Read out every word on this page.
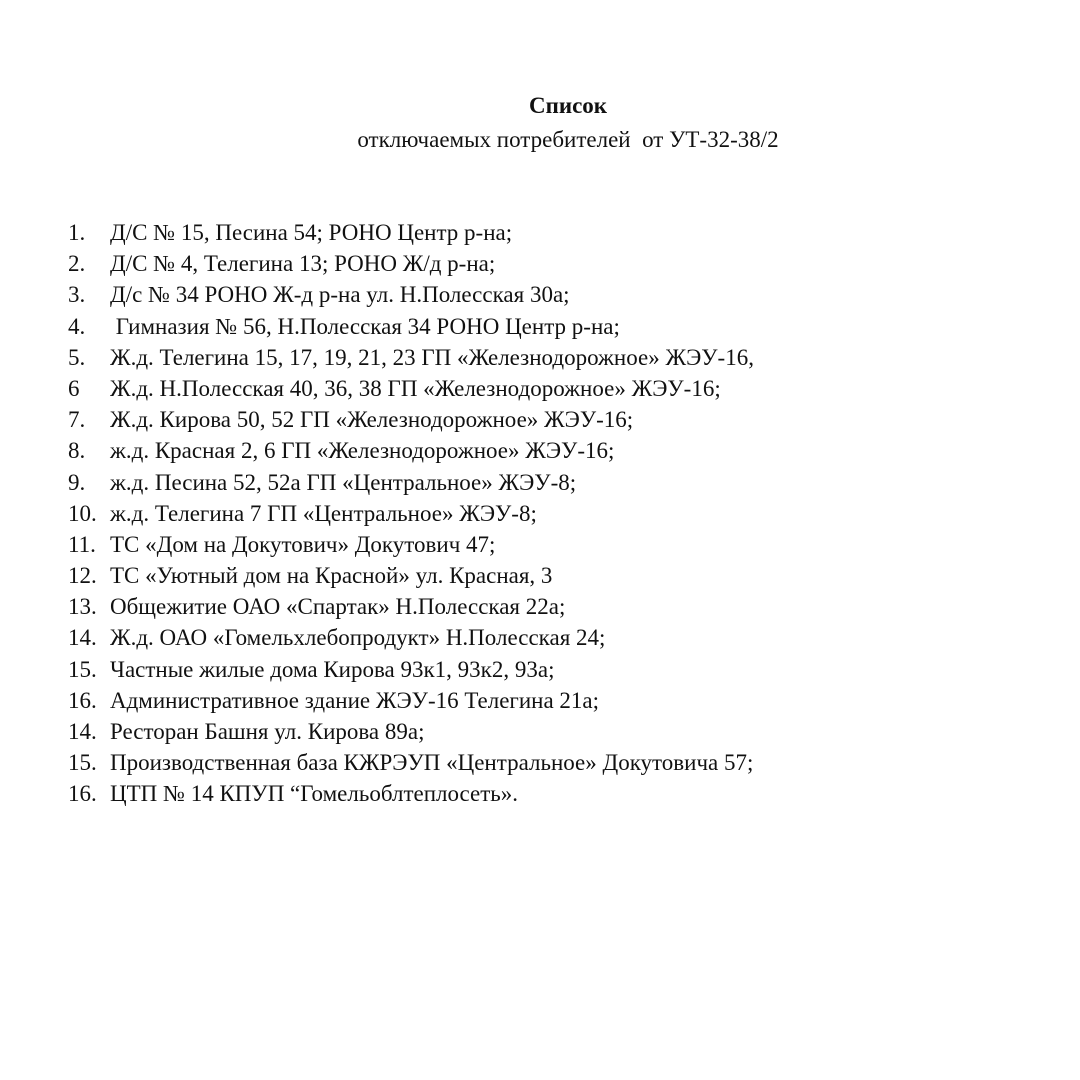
Список
отключаемых потребителей  от УТ-32-38/2
1.	Д/С № 15, Песина 54; РОНО Центр р-на;
2.	Д/С № 4, Телегина 13; РОНО Ж/д р-на;
3.	Д/с № 34 РОНО Ж-д р-на ул. Н.Полесская 30а;
4.	Гимназия № 56, Н.Полесская 34 РОНО Центр р-на;
5.	Ж.д. Телегина 15, 17, 19, 21, 23 ГП «Железнодорожное» ЖЭУ-16,
6	Ж.д. Н.Полесская 40, 36, 38 ГП «Железнодорожное» ЖЭУ-16;
7.	Ж.д. Кирова 50, 52 ГП «Железнодорожное» ЖЭУ-16;
8.	ж.д. Красная 2, 6 ГП «Железнодорожное» ЖЭУ-16;
9.	ж.д. Песина 52, 52а ГП «Центральное» ЖЭУ-8;
10. ж.д. Телегина 7 ГП «Центральное» ЖЭУ-8;
11. ТС «Дом на Докутович» Докутович 47;
12. ТС «Уютный дом на Красной» ул. Красная, 3
13. Общежитие ОАО «Спартак» Н.Полесская 22а;
14. Ж.д. ОАО «Гомельхлебопродукт» Н.Полесская 24;
15. Частные жилые дома Кирова 93к1, 93к2, 93а;
16. Административное здание ЖЭУ-16 Телегина 21а;
14. Ресторан Башня ул. Кирова 89а;
15. Производственная база КЖРЭУП «Центральное» Докутовича 57;
16. ЦТП № 14 КПУП “Гомельоблтеплосеть».
